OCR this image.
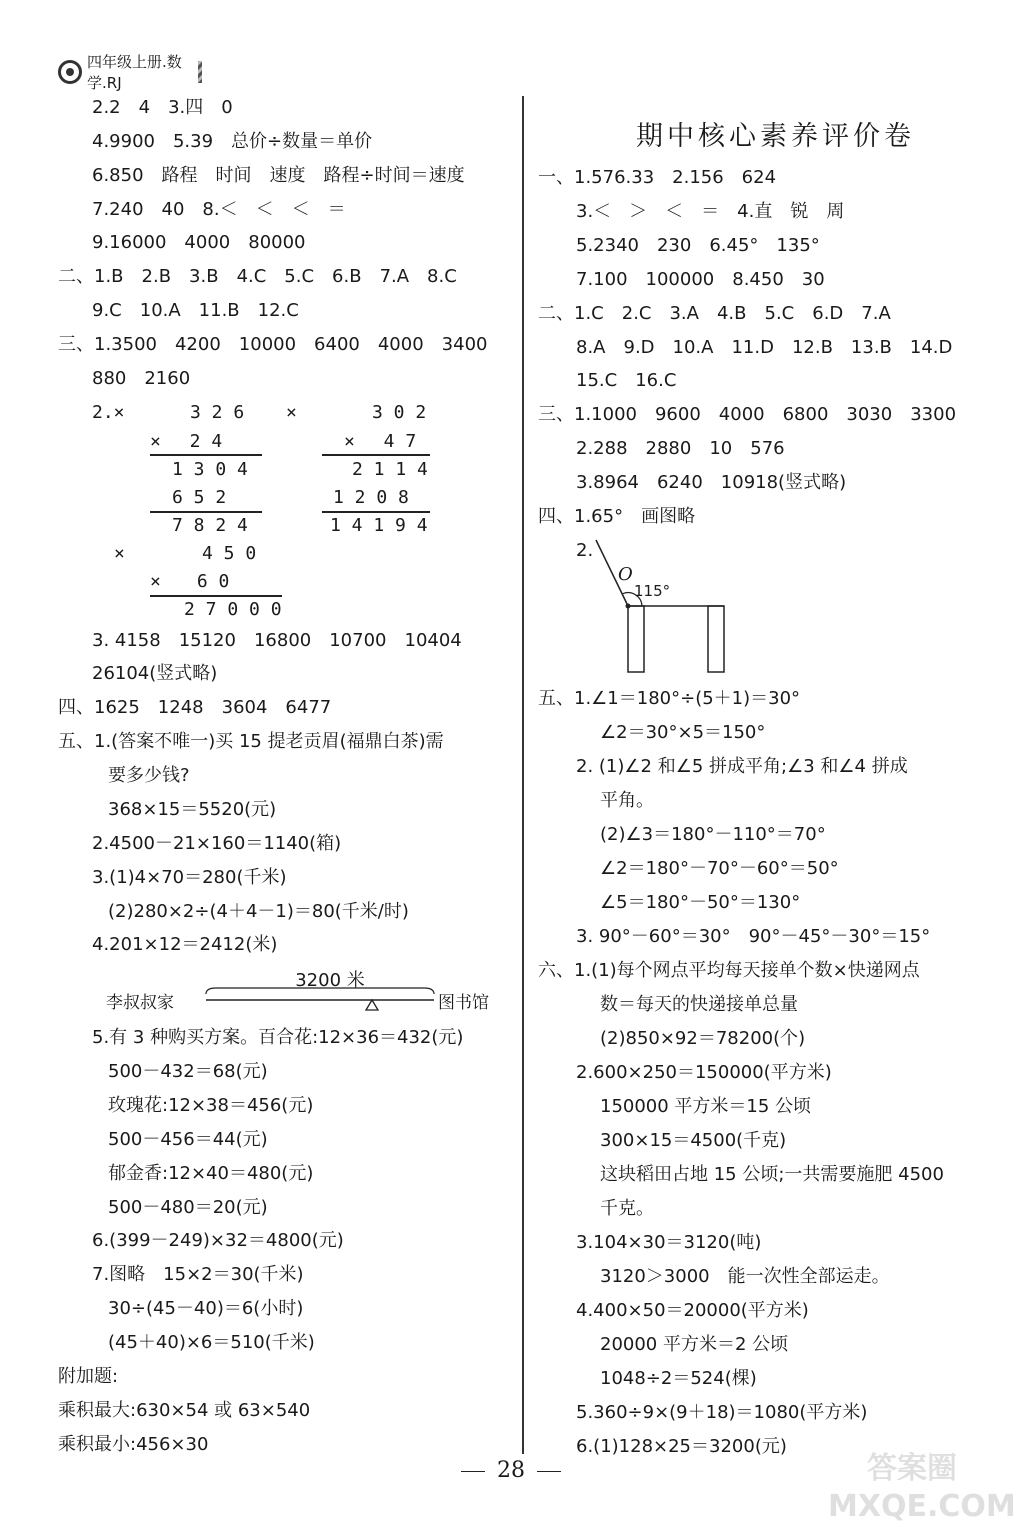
四年级上册.数学.RJ
2.2　4　3.四　0
4.9900　5.39　总价÷数量＝单价
6.850　路程　时间　速度　路程÷时间＝速度
7.240　40　8.＜　＜　＜　＝
9.16000　4000　80000
二、1.B　2.B　3.B　4.C　5.C　6.B　7.A　8.C
9.C　10.A　11.B　12.C
三、1.3500　4200　10000　6400　4000　3400
880　2160
3. 4158　15120　16800　10700　10404
26104(竖式略)
四、1625　1248　3604　6477
五、1.(答案不唯一)买 15 提老贡眉(福鼎白茶)需
要多少钱?
368×15＝5520(元)
2.4500－21×160＝1140(箱)
3.(1)4×70＝280(千米)
(2)280×2÷(4＋4－1)＝80(千米/时)
4.201×12＝2412(米)
5.有 3 种购买方案。百合花:12×36＝432(元)
500－432＝68(元)
玫瑰花:12×38＝456(元)
500－456＝44(元)
郁金香:12×40＝480(元)
500－480＝20(元)
6.(399－249)×32＝4800(元)
7.图略　15×2＝30(千米)
30÷(45－40)＝6(小时)
(45＋40)×6＝510(千米)
附加题:
乘积最大:630×54 或 63×540
乘积最小:456×30
2.×	3 2 6 ×	3 0 2
×　 2 4	×　 4 7
1 3 0 4	2 1 1 4
6 5 2	1 2 0 8
7 8 2 4	1 4 1 9 4
×	4 5 0
×　　6 0
2 7 0 0 0
3200 米
李叔叔家	图书馆
期中核心素养评价卷
一、1.576.33　2.156　624
3.＜　＞　＜　＝　4.直　锐　周
5.2340　230　6.45°　135°
7.100　100000　8.450　30
二、1.C　2.C　3.A　4.B　5.C　6.D　7.A
8.A　9.D　10.A　11.D　12.B　13.B　14.D
15.C　16.C
三、1.1000　9600　4000　6800　3030　3300
2.288　2880　10　576
3.8964　6240　10918(竖式略)
四、1.65°　画图略
2.
五、1.∠1＝180°÷(5＋1)＝30°
∠2＝30°×5＝150°
2. (1)∠2 和∠5 拼成平角;∠3 和∠4 拼成
平角。
(2)∠3＝180°－110°＝70°
∠2＝180°－70°－60°＝50°
∠5＝180°－50°＝130°
3. 90°－60°＝30°　90°－45°－30°＝15°
六、1.(1)每个网点平均每天接单个数×快递网点
数＝每天的快递接单总量
(2)850×92＝78200(个)
2.600×250＝150000(平方米)
150000 平方米＝15 公顷
300×15＝4500(千克)
这块稻田占地 15 公顷;一共需要施肥 4500
千克。
3.104×30＝3120(吨)
3120＞3000　能一次性全部运走。
4.400×50＝20000(平方米)
20000 平方米＝2 公顷
1048÷2＝524(棵)
5.360÷9×(9＋18)＝1080(平方米)
6.(1)128×25＝3200(元)
O
115°
28	答案圈
MXQE.COM
